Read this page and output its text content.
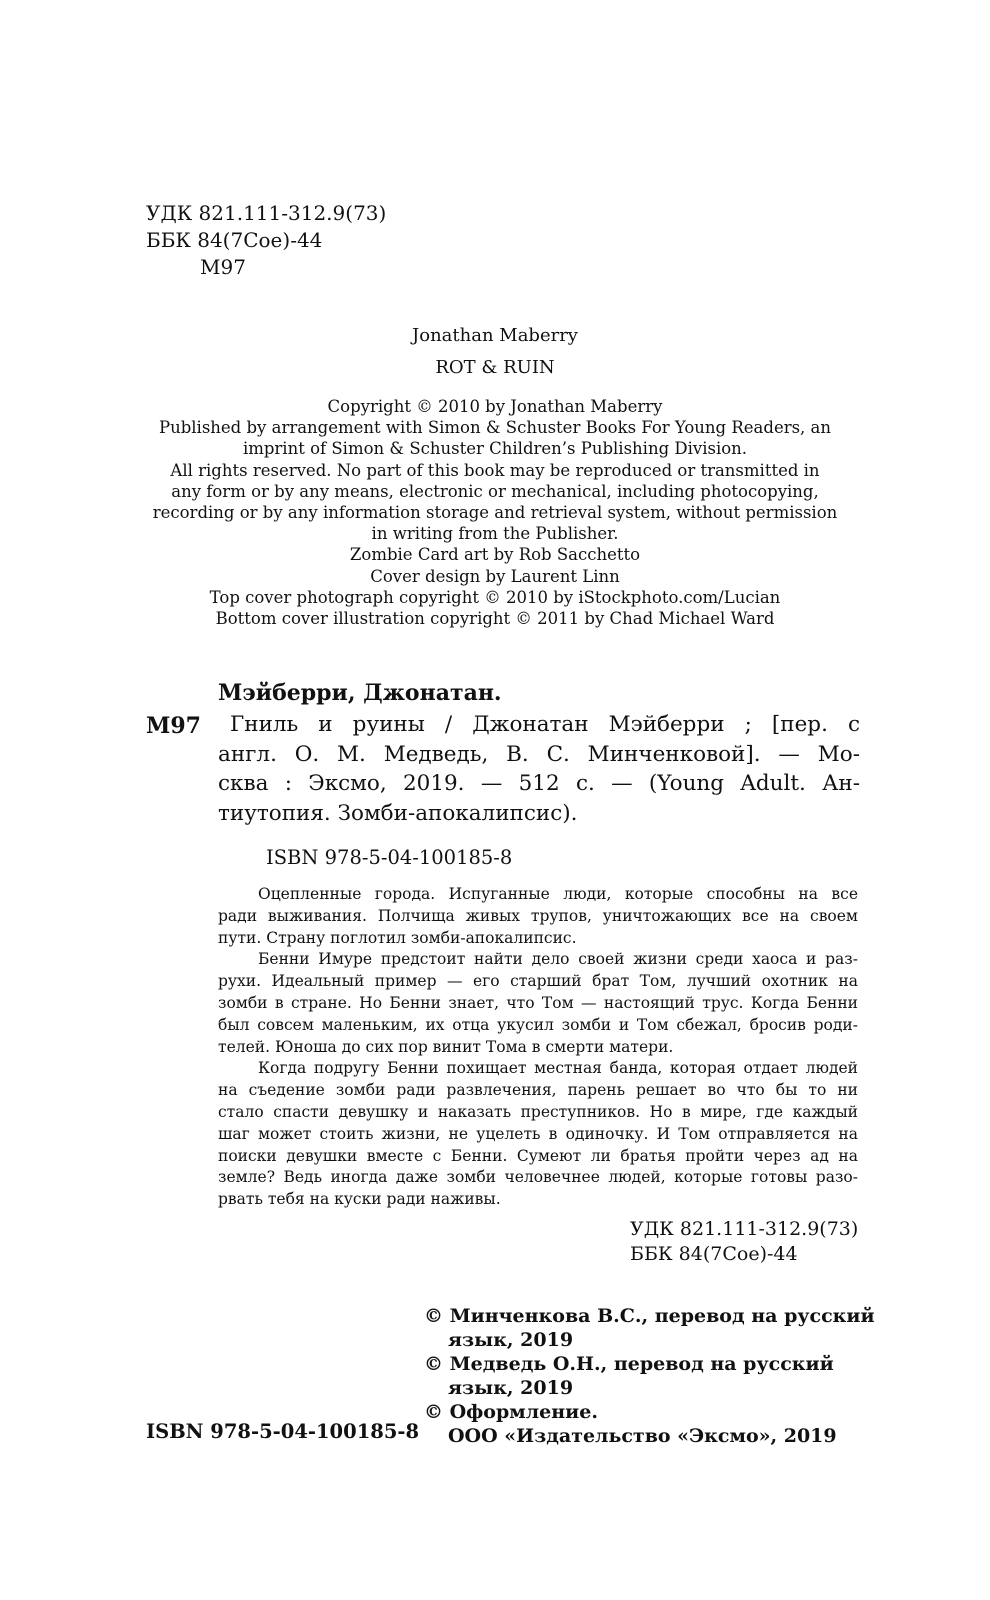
УДК 821.111-312.9(73)
ББК 84(7Сое)-44
М97
Jonathan Maberry
ROT & RUIN
Copyright © 2010 by Jonathan Maberry
Published by arrangement with Simon & Schuster Books For Young Readers, an
imprint of Simon & Schuster Children’s Publishing Division.
All rights reserved. No part of this book may be reproduced or transmitted in
any form or by any means, electronic or mechanical, including photocopying,
recording or by any information storage and retrieval system, without permission
in writing from the Publisher.
Zombie Card art by Rob Sacchetto
Cover design by Laurent Linn
Top cover photograph copyright © 2010 by iStockphoto.com/Lucian
Bottom cover illustration copyright © 2011 by Chad Michael Ward
Мэйберри, Джонатан.
М97	Гниль и руины / Джонатан Мэйберри ; [пер. с
англ. О. М. Медведь, В. С. Минченковой]. — Мо-
сква : Эксмо, 2019. — 512 с. — (Young Adult. Ан-
тиутопия. Зомби-апокалипсис).
ISBN 978-5-04-100185-8
Оцепленные города. Испуганные люди, которые способны на все
ради выживания. Полчища живых трупов, уничтожающих все на своем
пути. Страну поглотил зомби-апокалипсис.
Бенни Имуре предстоит найти дело своей жизни среди хаоса и раз-
рухи. Идеальный пример — его старший брат Том, лучший охотник на
зомби в стране. Но Бенни знает, что Том — настоящий трус. Когда Бенни
был совсем маленьким, их отца укусил зомби и Том сбежал, бросив роди-
телей. Юноша до сих пор винит Тома в смерти матери.
Когда подругу Бенни похищает местная банда, которая отдает людей
на съедение зомби ради развлечения, парень решает во что бы то ни
стало спасти девушку и наказать преступников. Но в мире, где каждый
шаг может стоить жизни, не уцелеть в одиночку. И Том отправляется на
поиски девушки вместе с Бенни. Сумеют ли братья пройти через ад на
земле? Ведь иногда даже зомби человечнее людей, которые готовы разо-
рвать тебя на куски ради наживы.
УДК 821.111-312.9(73)
ББК 84(7Сое)-44
© Минченкова В.С., перевод на русский
язык, 2019
© Медведь О.Н., перевод на русский
язык, 2019
© Оформление.
ООО «Издательство «Эксмо», 2019
ISBN 978-5-04-100185-8
